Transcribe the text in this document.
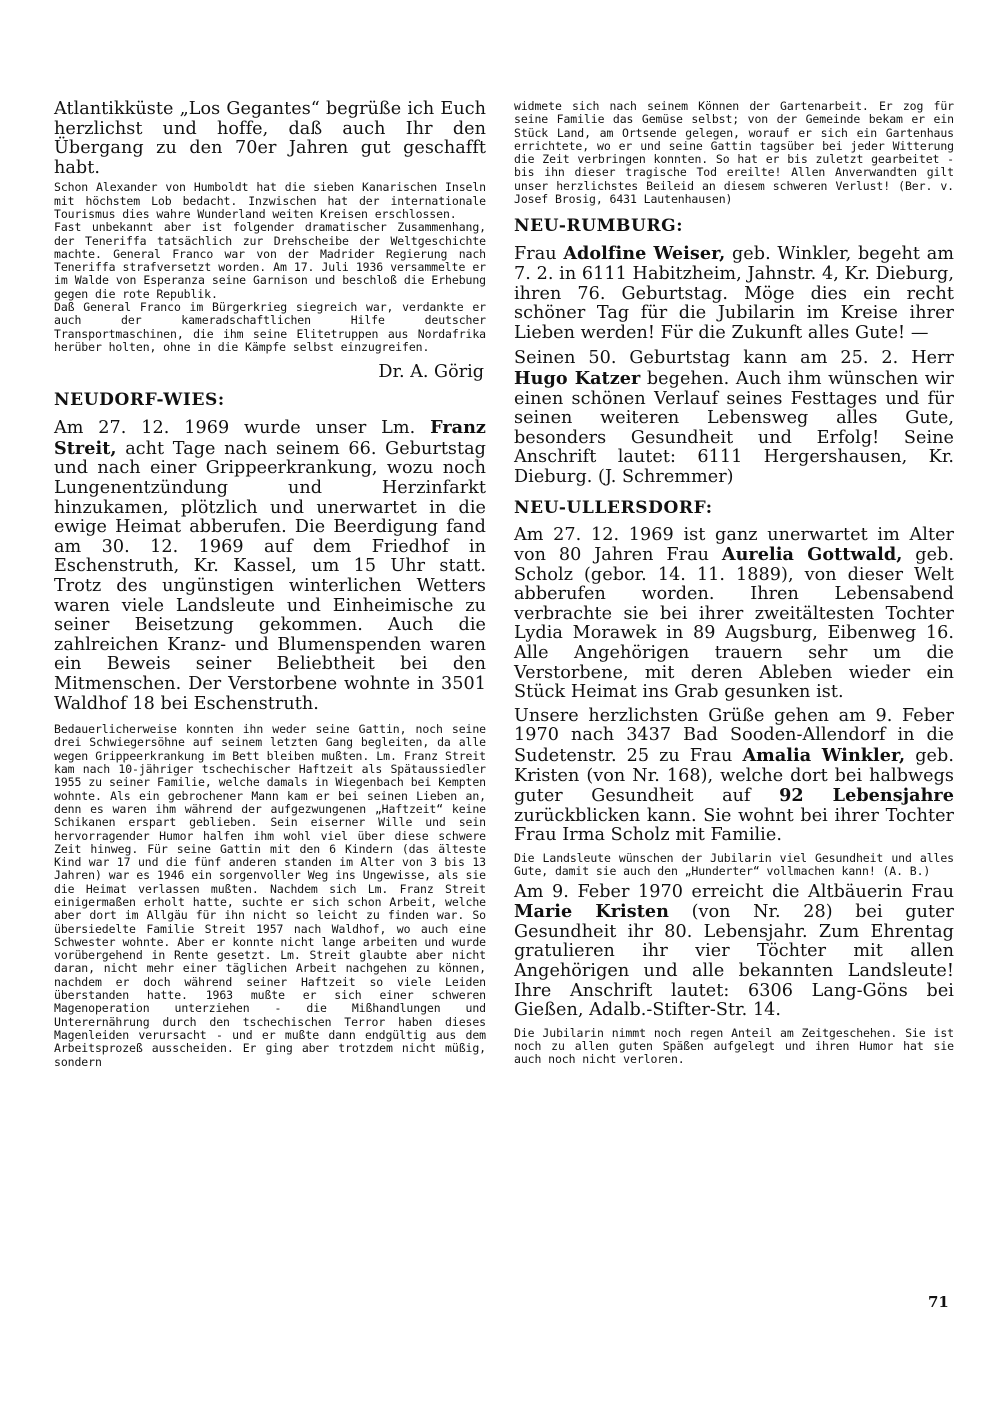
Atlantikküste „Los Gegantes“ begrüße ich Euch herzlichst und hoffe, daß auch Ihr den Übergang zu den 70er Jahren gut geschafft habt.

Schon Alexander von Humboldt hat die sieben Kanarischen Inseln mit höchstem Lob bedacht. Inzwischen hat der internationale Tourismus dies wahre Wunderland weiten Kreisen erschlossen.

Fast unbekannt aber ist folgender dramatischer Zusammenhang, der Teneriffa tatsächlich zur Drehscheibe der Weltgeschichte machte. General Franco war von der Madrider Regierung nach Teneriffa strafversetzt worden. Am 17. Juli 1936 versammelte er im Walde von Esperanza seine Garnison und beschloß die Erhebung gegen die rote Republik.

Daß General Franco im Bürgerkrieg siegreich war, verdankte er auch der kameradschaftlichen Hilfe deutscher Transportmaschinen, die ihm seine Elitetruppen aus Nordafrika herüber holten, ohne in die Kämpfe selbst einzugreifen.

Dr. A. Görig
NEUDORF-WIES:

Am 27. 12. 1969 wurde unser Lm. Franz Streit, acht Tage nach seinem 66. Geburtstag und nach einer Grippeerkrankung, wozu noch Lungenentzündung und Herzinfarkt hinzukamen, plötzlich und unerwartet in die ewige Heimat abberufen. Die Beerdigung fand am 30. 12. 1969 auf dem Friedhof in Eschenstruth, Kr. Kassel, um 15 Uhr statt. Trotz des ungünstigen winterlichen Wetters waren viele Landsleute und Einheimische zu seiner Beisetzung gekommen. Auch die zahlreichen Kranz- und Blumenspenden waren ein Beweis seiner Beliebtheit bei den Mitmenschen. Der Verstorbene wohnte in 3501 Waldhof 18 bei Eschenstruth.

Bedauerlicherweise konnten ihn weder seine Gattin, noch seine drei Schwiegersöhne auf seinem letzten Gang begleiten, da alle wegen Grippeerkrankung im Bett bleiben mußten. Lm. Franz Streit kam nach 10-jähriger tschechischer Haftzeit als Spätaussiedler 1955 zu seiner Familie, welche damals in Wiegenbach bei Kempten wohnte. Als ein gebrochener Mann kam er bei seinen Lieben an, denn es waren ihm während der aufgezwungenen „Haftzeit“ keine Schikanen erspart geblieben. Sein eiserner Wille und sein hervorragender Humor halfen ihm wohl viel über diese schwere Zeit hinweg. Für seine Gattin mit den 6 Kindern (das älteste Kind war 17 und die fünf anderen standen im Alter von 3 bis 13 Jahren) war es 1946 ein sorgenvoller Weg ins Ungewisse, als sie die Heimat verlassen mußten. Nachdem sich Lm. Franz Streit einigermaßen erholt hatte, suchte er sich schon Arbeit, welche aber dort im Allgäu für ihn nicht so leicht zu finden war. So übersiedelte Familie Streit 1957 nach Waldhof, wo auch eine Schwester wohnte. Aber er konnte nicht lange arbeiten und wurde vorübergehend in Rente gesetzt. Lm. Streit glaubte aber nicht daran, nicht mehr einer täglichen Arbeit nachgehen zu können, nachdem er doch während seiner Haftzeit so viele Leiden überstanden hatte. 1963 mußte er sich einer schweren Magenoperation unterziehen - die Mißhandlungen und Unterernährung durch den tschechischen Terror haben dieses Magenleiden verursacht - und er mußte dann endgültig aus dem Arbeitsprozeß ausscheiden. Er ging aber trotzdem nicht müßig, sondern

widmete sich nach seinem Können der Gartenarbeit. Er zog für seine Familie das Gemüse selbst; von der Gemeinde bekam er ein Stück Land, am Ortsende gelegen, worauf er sich ein Gartenhaus errichtete, wo er und seine Gattin tagsüber bei jeder Witterung die Zeit verbringen konnten. So hat er bis zuletzt gearbeitet - bis ihn dieser tragische Tod ereilte! Allen Anverwandten gilt unser herzlichstes Beileid an diesem schweren Verlust! (Ber. v. Josef Brosig, 6431 Lautenhausen)

NEU-RUMBURG:

Frau Adolfine Weiser, geb. Winkler, begeht am 7. 2. in 6111 Habitzheim, Jahnstr. 4, Kr. Dieburg, ihren 76. Geburtstag. Möge dies ein recht schöner Tag für die Jubilarin im Kreise ihrer Lieben werden! Für die Zukunft alles Gute! —

Seinen 50. Geburtstag kann am 25. 2. Herr Hugo Katzer begehen. Auch ihm wünschen wir einen schönen Verlauf seines Festtages und für seinen weiteren Lebensweg alles Gute, besonders Gesundheit und Erfolg! Seine Anschrift lautet: 6111 Hergershausen, Kr. Dieburg. (J. Schremmer)

NEU-ULLERSDORF:

Am 27. 12. 1969 ist ganz unerwartet im Alter von 80 Jahren Frau Aurelia Gottwald, geb. Scholz (gebor. 14. 11. 1889), von dieser Welt abberufen worden. Ihren Lebensabend verbrachte sie bei ihrer zweitältesten Tochter Lydia Morawek in 89 Augsburg, Eibenweg 16. Alle Angehörigen trauern sehr um die Verstorbene, mit deren Ableben wieder ein Stück Heimat ins Grab gesunken ist.

Unsere herzlichsten Grüße gehen am 9. Feber 1970 nach 3437 Bad Sooden-Allendorf in die Sudetenstr. 25 zu Frau Amalia Winkler, geb. Kristen (von Nr. 168), welche dort bei halbwegs guter Gesundheit auf 92 Lebensjahre zurückblicken kann. Sie wohnt bei ihrer Tochter Frau Irma Scholz mit Familie.

Die Landsleute wünschen der Jubilarin viel Gesundheit und alles Gute, damit sie auch den „Hunderter“ vollmachen kann! (A. B.)

Am 9. Feber 1970 erreicht die Altbäuerin Frau Marie Kristen (von Nr. 28) bei guter Gesundheit ihr 80. Lebensjahr. Zum Ehrentag gratulieren ihr vier Töchter mit allen Angehörigen und alle bekannten Landsleute! Ihre Anschrift lautet: 6306 Lang-Göns bei Gießen, Adalb.-Stifter-Str. 14.

Die Jubilarin nimmt noch regen Anteil am Zeitgeschehen. Sie ist noch zu allen guten Späßen aufgelegt und ihren Humor hat sie auch noch nicht verloren.

71
